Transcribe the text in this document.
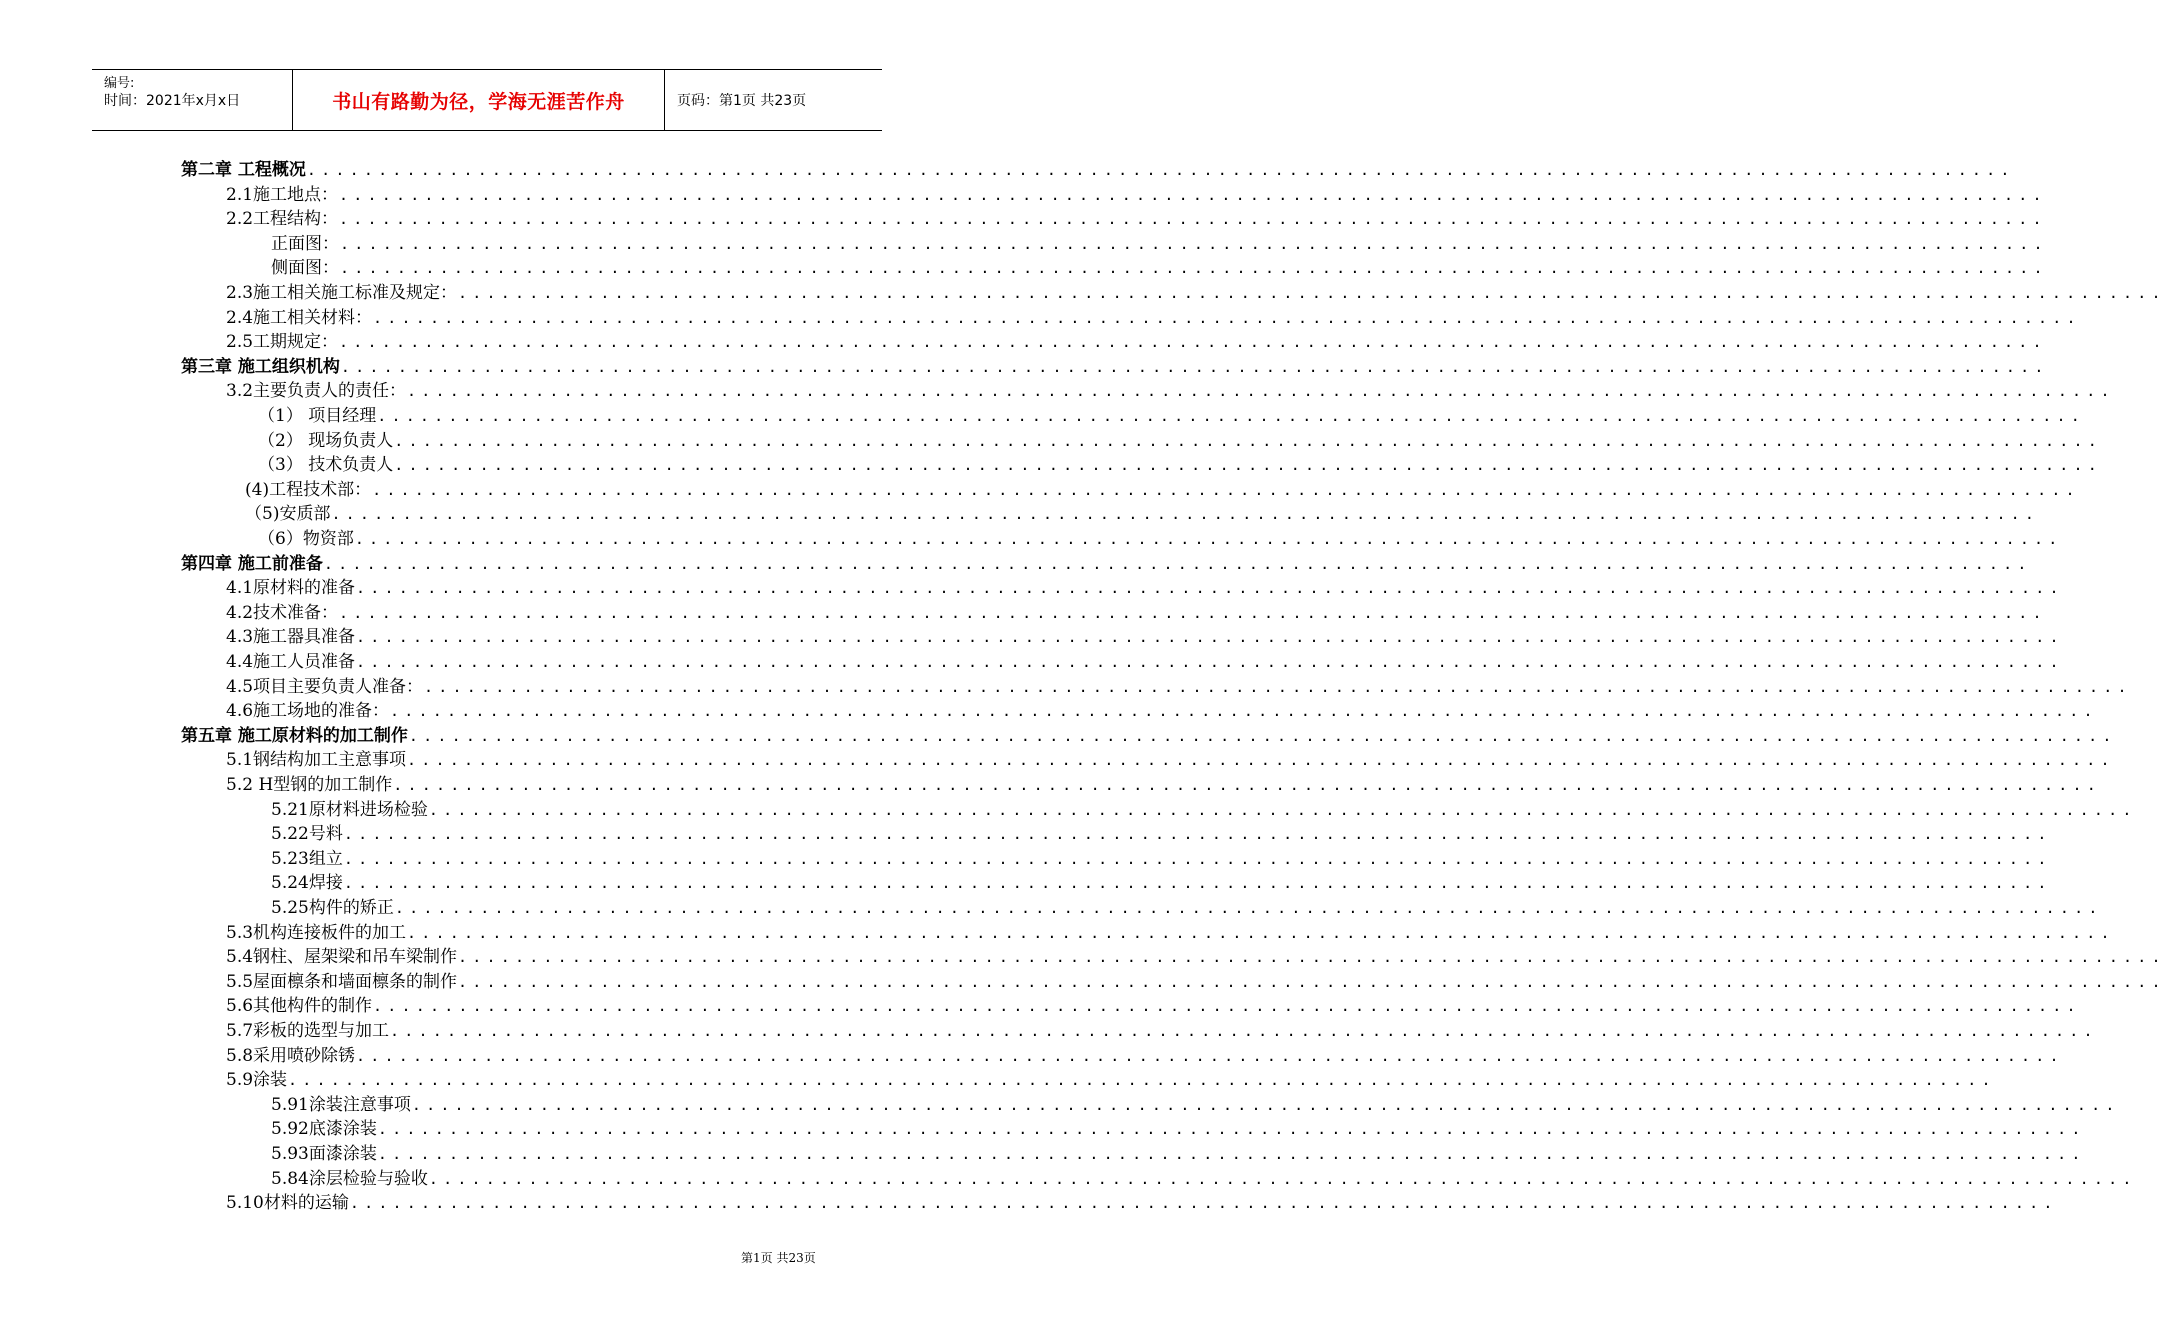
编号:
时间：2021年x月x日	书山有路勤为径，学海无涯苦作舟	页码：第1页 共23页
第二章 工程概况 ........................................................................................................................
2.1施工地点： ........................................................................................................................
2.2工程结构： ........................................................................................................................
正面图： ........................................................................................................................
侧面图： ........................................................................................................................
2.3施工相关施工标准及规定： ........................................................................................................................
2.4施工相关材料： ........................................................................................................................
2.5工期规定： ........................................................................................................................
第三章 施工组织机构 ........................................................................................................................
3.2主要负责人的责任： ........................................................................................................................
（1） 项目经理 ........................................................................................................................
（2） 现场负责人 ........................................................................................................................
（3） 技术负责人 ........................................................................................................................
(4)工程技术部： ........................................................................................................................
（5)安质部 ........................................................................................................................
（6）物资部 ........................................................................................................................
第四章 施工前准备 ........................................................................................................................
4.1原材料的准备 ........................................................................................................................
4.2技术准备： ........................................................................................................................
4.3施工器具准备 ........................................................................................................................
4.4施工人员准备 ........................................................................................................................
4.5项目主要负责人准备： ........................................................................................................................
4.6施工场地的准备： ........................................................................................................................
第五章 施工原材料的加工制作 ........................................................................................................................
5.1钢结构加工主意事项 ........................................................................................................................
5.2 H型钢的加工制作 ........................................................................................................................
5.21原材料进场检验 ........................................................................................................................
5.22号料 ........................................................................................................................
5.23组立 ........................................................................................................................
5.24焊接 ........................................................................................................................
5.25构件的矫正 ........................................................................................................................
5.3机构连接板件的加工 ........................................................................................................................
5.4钢柱、屋架梁和吊车梁制作 ........................................................................................................................
5.5屋面檩条和墙面檩条的制作 ........................................................................................................................
5.6其他构件的制作 ........................................................................................................................
5.7彩板的选型与加工 ........................................................................................................................
5.8采用喷砂除锈 ........................................................................................................................
5.9涂装 ........................................................................................................................
5.91涂装注意事项 ........................................................................................................................
5.92底漆涂装 ........................................................................................................................
5.93面漆涂装 ........................................................................................................................
5.84涂层检验与验收 ........................................................................................................................
5.10材料的运输 ........................................................................................................................
第1页 共23页
